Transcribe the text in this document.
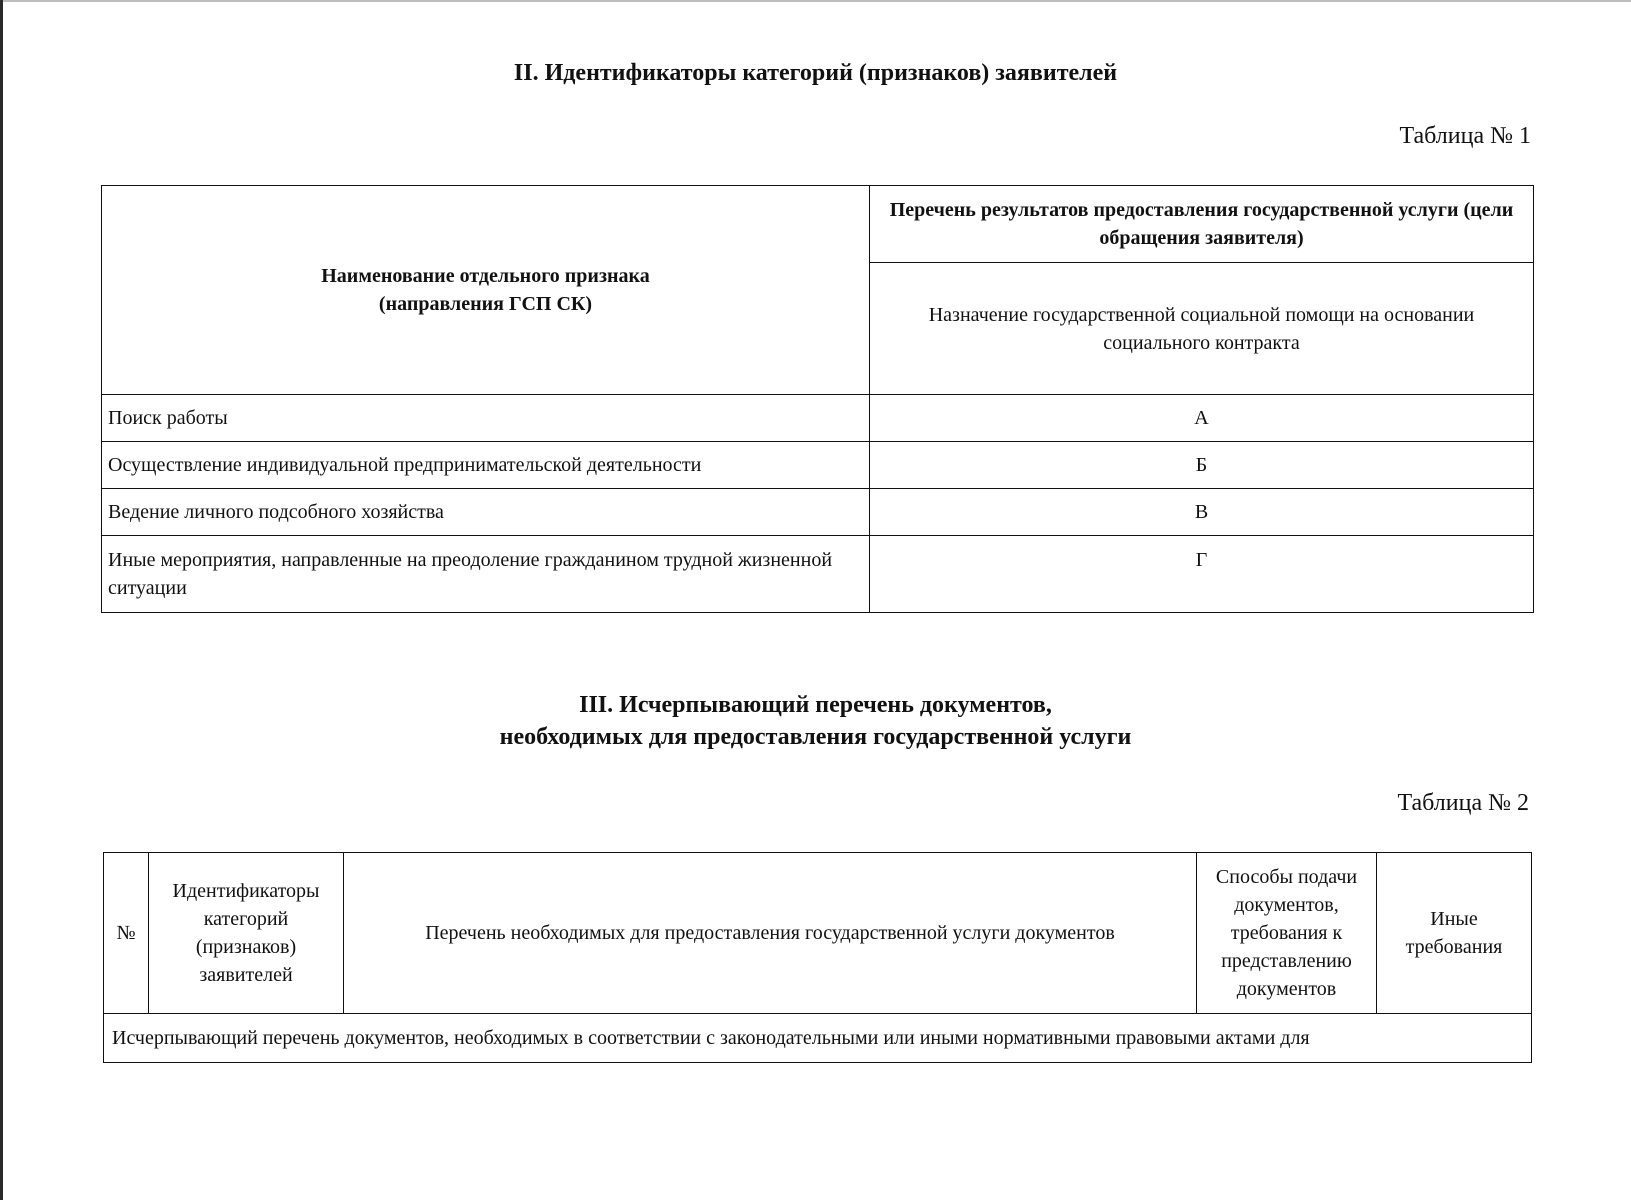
II. Идентификаторы категорий (признаков) заявителей
Таблица № 1
Наименование отдельного признака
(направления ГСП СК)	Перечень результатов предоставления государственной услуги (цели обращения заявителя)
	Назначение государственной социальной помощи на основании социального контракта
Поиск работы	А
Осуществление индивидуальной предпринимательской деятельности	Б
Ведение личного подсобного хозяйства	В
Иные мероприятия, направленные на преодоление гражданином трудной жизненной ситуации	Г
III. Исчерпывающий перечень документов,
необходимых для предоставления государственной услуги
Таблица № 2
№	Идентификаторы категорий (признаков) заявителей	Перечень необходимых для предоставления государственной услуги документов	Способы подачи документов, требования к представлению документов	Иные требования
Исчерпывающий перечень документов, необходимых в соответствии с законодательными или иными нормативными правовыми актами для
